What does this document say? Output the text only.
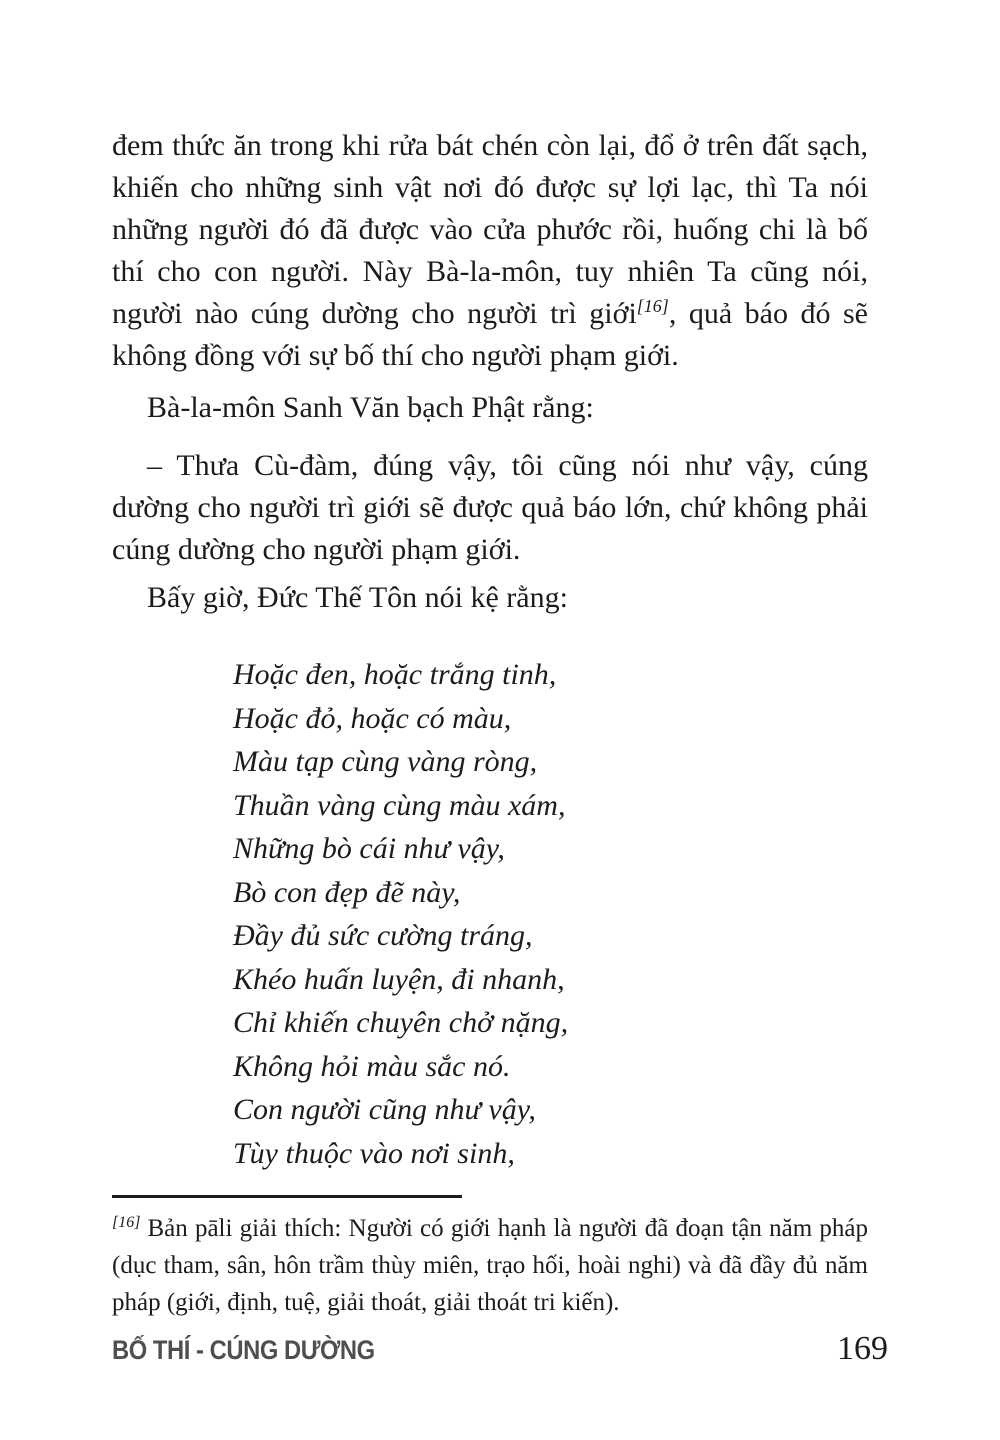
đem thức ăn trong khi rửa bát chén còn lại, đổ ở trên đất sạch, khiến cho những sinh vật nơi đó được sự lợi lạc, thì Ta nói những người đó đã được vào cửa phước rồi, huống chi là bố thí cho con người. Này Bà-la-môn, tuy nhiên Ta cũng nói, người nào cúng dường cho người trì giới[16], quả báo đó sẽ không đồng với sự bố thí cho người phạm giới.

Bà-la-môn Sanh Văn bạch Phật rằng:

– Thưa Cù-đàm, đúng vậy, tôi cũng nói như vậy, cúng dường cho người trì giới sẽ được quả báo lớn, chứ không phải cúng dường cho người phạm giới.

Bấy giờ, Đức Thế Tôn nói kệ rằng:

Hoặc đen, hoặc trắng tinh,
Hoặc đỏ, hoặc có màu,
Màu tạp cùng vàng ròng,
Thuần vàng cùng màu xám,
Những bò cái như vậy,
Bò con đẹp đẽ này,
Đầy đủ sức cường tráng,
Khéo huấn luyện, đi nhanh,
Chỉ khiến chuyên chở nặng,
Không hỏi màu sắc nó.
Con người cũng như vậy,
Tùy thuộc vào nơi sinh,

[16] Bản pāli giải thích: Người có giới hạnh là người đã đoạn tận năm pháp (dục tham, sân, hôn trầm thùy miên, trạo hối, hoài nghi) và đã đầy đủ năm pháp (giới, định, tuệ, giải thoát, giải thoát tri kiến).

BỐ THÍ - CÚNG DƯỜNG	169
